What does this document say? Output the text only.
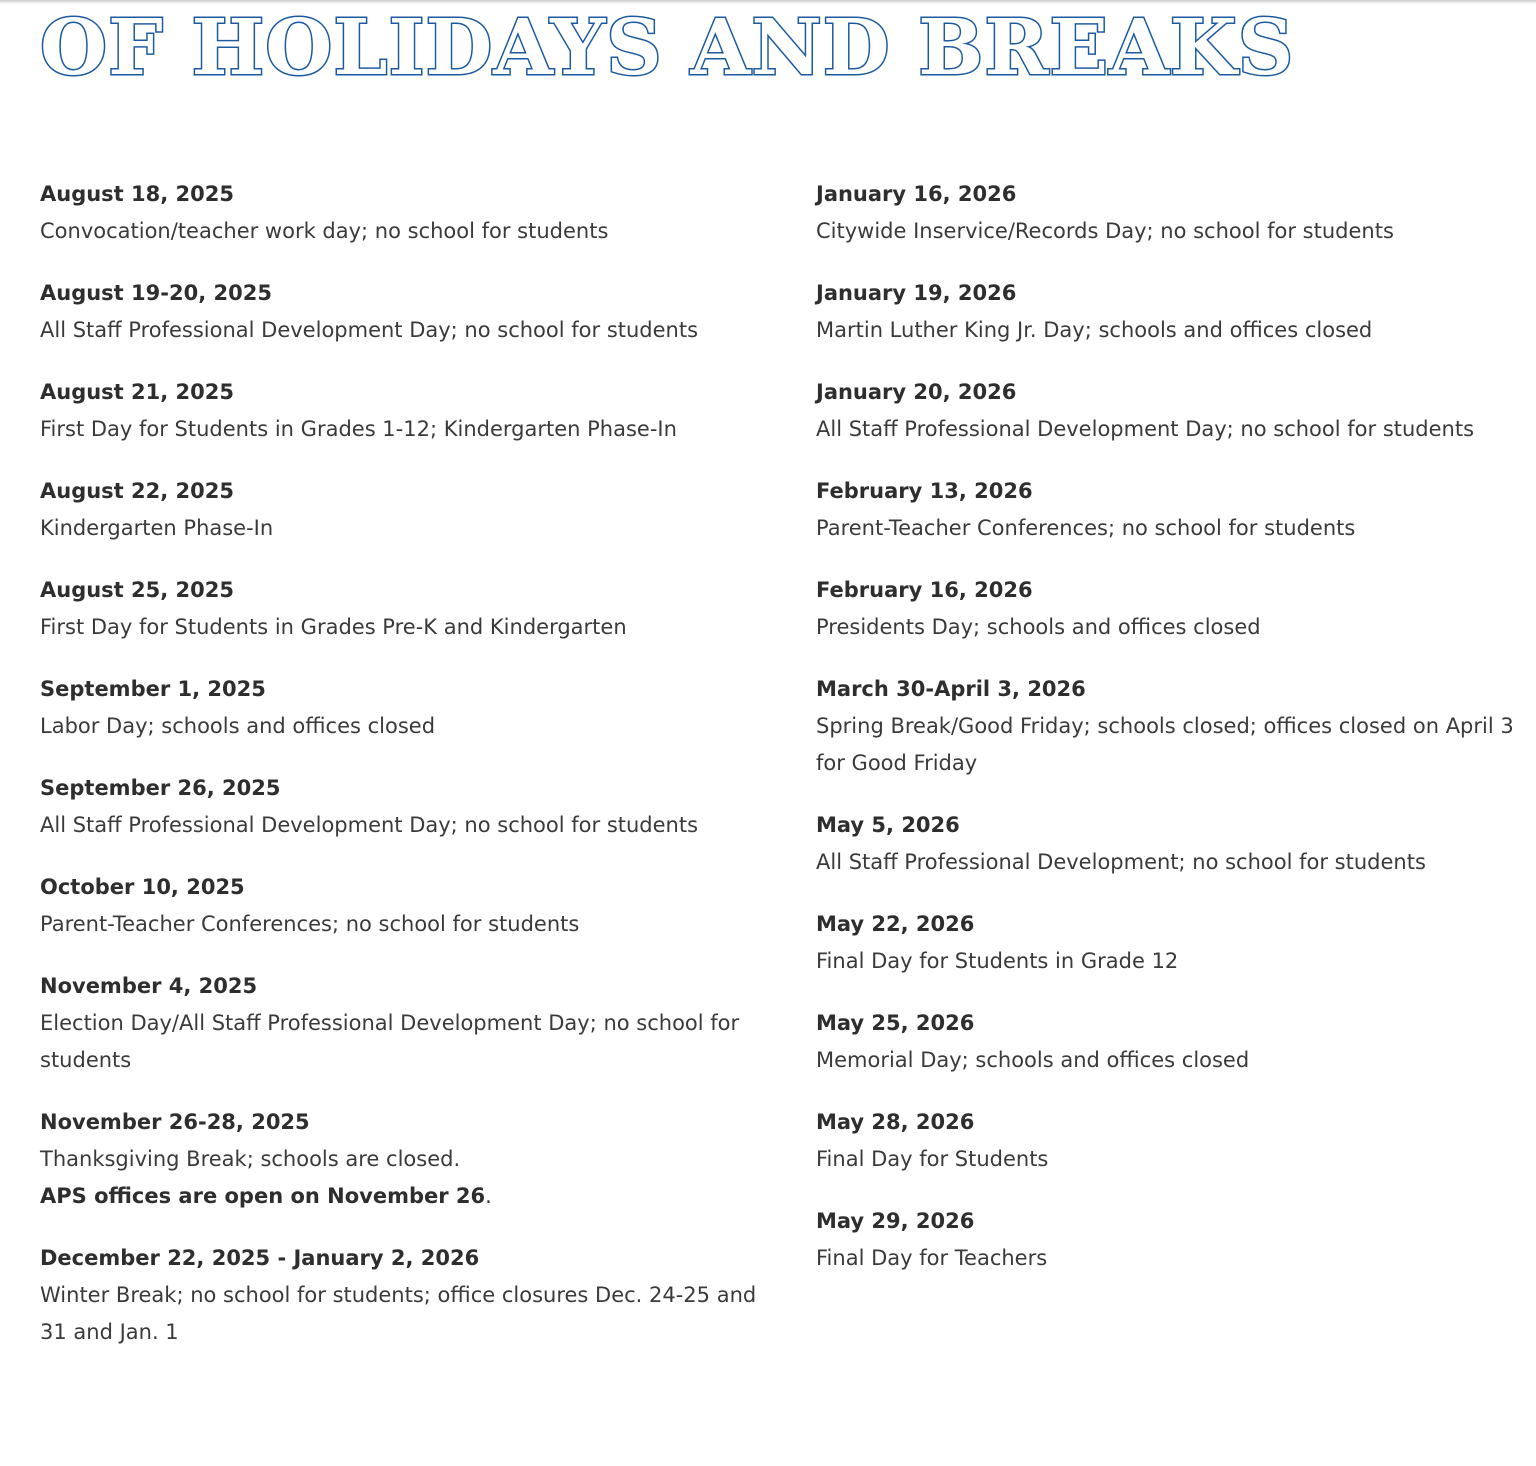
OF HOLIDAYS AND BREAKS
August 18, 2025
Convocation/teacher work day; no school for students
August 19-20, 2025
All Staff Professional Development Day; no school for students
August 21, 2025
First Day for Students in Grades 1-12; Kindergarten Phase-In
August 22, 2025
Kindergarten Phase-In
August 25, 2025
First Day for Students in Grades Pre-K and Kindergarten
September 1, 2025
Labor Day; schools and offices closed
September 26, 2025
All Staff Professional Development Day; no school for students
October 10, 2025
Parent-Teacher Conferences; no school for students
November 4, 2025
Election Day/All Staff Professional Development Day; no school for students
November 26-28, 2025
Thanksgiving Break; schools are closed.
APS offices are open on November 26.
December 22, 2025 - January 2, 2026
Winter Break; no school for students; office closures Dec. 24-25 and 31 and Jan. 1
January 16, 2026
Citywide Inservice/Records Day; no school for students
January 19, 2026
Martin Luther King Jr. Day; schools and offices closed
January 20, 2026
All Staff Professional Development Day; no school for students
February 13, 2026
Parent-Teacher Conferences; no school for students
February 16, 2026
Presidents Day; schools and offices closed
March 30-April 3, 2026
Spring Break/Good Friday; schools closed; offices closed on April 3 for Good Friday
May 5, 2026
All Staff Professional Development; no school for students
May 22, 2026
Final Day for Students in Grade 12
May 25, 2026
Memorial Day; schools and offices closed
May 28, 2026
Final Day for Students
May 29, 2026
Final Day for Teachers
